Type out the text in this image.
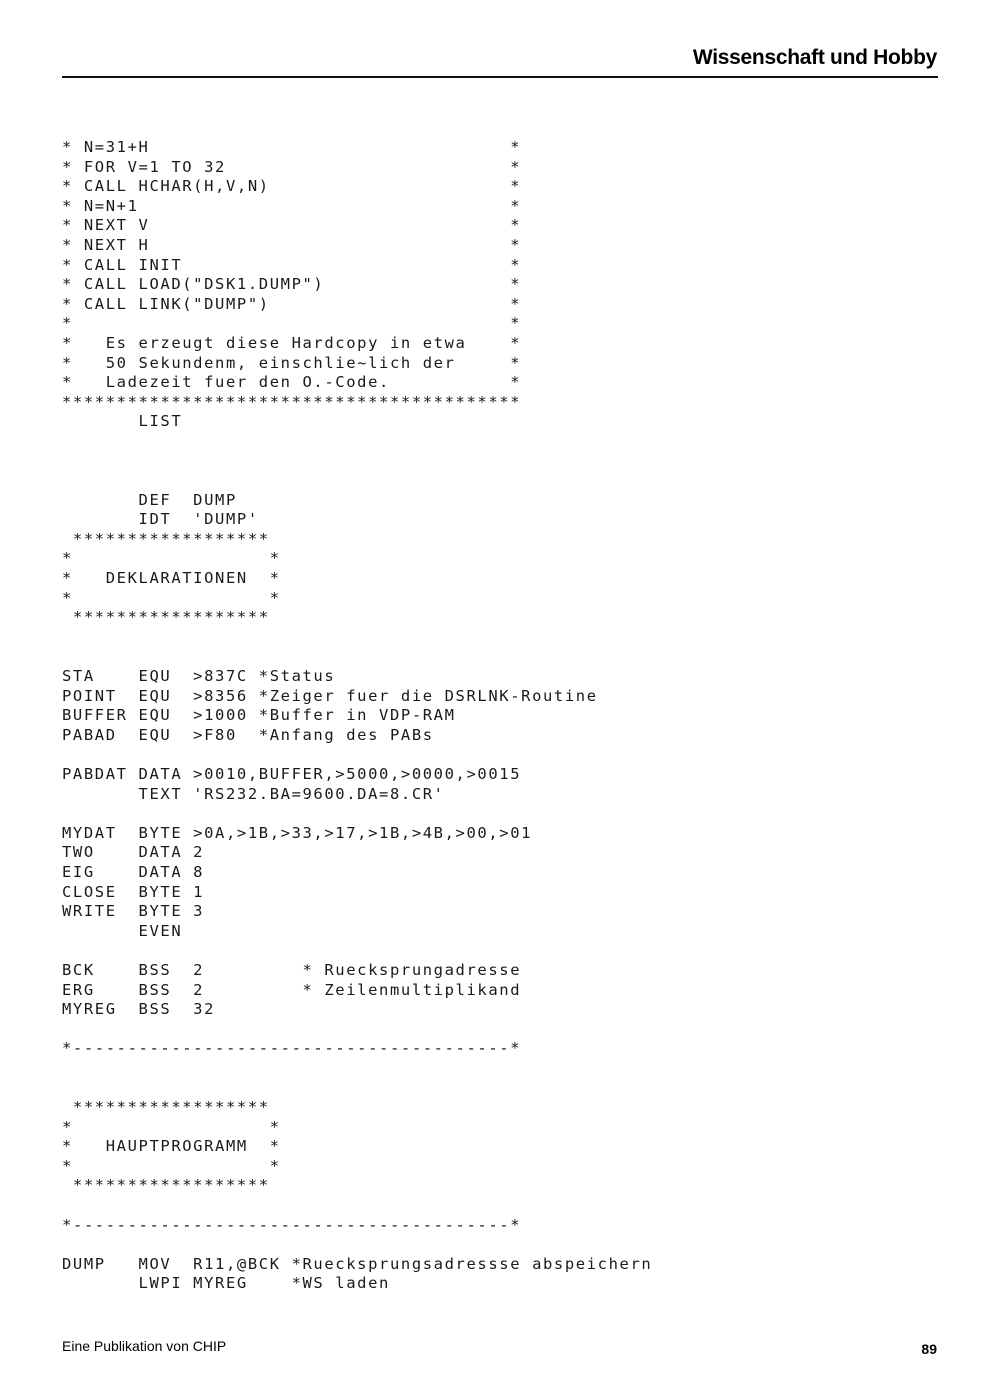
Wissenschaft und Hobby
* N=31+H                                 *
* FOR V=1 TO 32                          *
* CALL HCHAR(H,V,N)                      *
* N=N+1                                  *
* NEXT V                                 *
* NEXT H                                 *
* CALL INIT                              *
* CALL LOAD("DSK1.DUMP")                 *
* CALL LINK("DUMP")                      *
*                                        *
*   Es erzeugt diese Hardcopy in etwa    *
*   50 Sekundenm, einschlie~lich der     *
*   Ladezeit fuer den O.-Code.           *
******************************************
LIST
DEF  DUMP
IDT  'DUMP'
******************
*                  *
*   DEKLARATIONEN  *
*                  *
******************
STA    EQU  >837C *Status
POINT  EQU  >8356 *Zeiger fuer die DSRLNK-Routine
BUFFER EQU  >1000 *Buffer in VDP-RAM
PABAD  EQU  >F80  *Anfang des PABs
PABDAT DATA >0010,BUFFER,>5000,>0000,>0015
TEXT 'RS232.BA=9600.DA=8.CR'
MYDAT  BYTE >0A,>1B,>33,>17,>1B,>4B,>00,>01
TWO    DATA 2
EIG    DATA 8
CLOSE  BYTE 1
WRITE  BYTE 3
EVEN
BCK    BSS  2         * Ruecksprungadresse
ERG    BSS  2         * Zeilenmultiplikand
MYREG  BSS  32
*----------------------------------------*
******************
*                  *
*   HAUPTPROGRAMM  *
*                  *
******************
*----------------------------------------*
DUMP   MOV  R11,@BCK *Ruecksprungsadressse abspeichern
LWPI MYREG    *WS laden
Eine Publikation von CHIP	89
